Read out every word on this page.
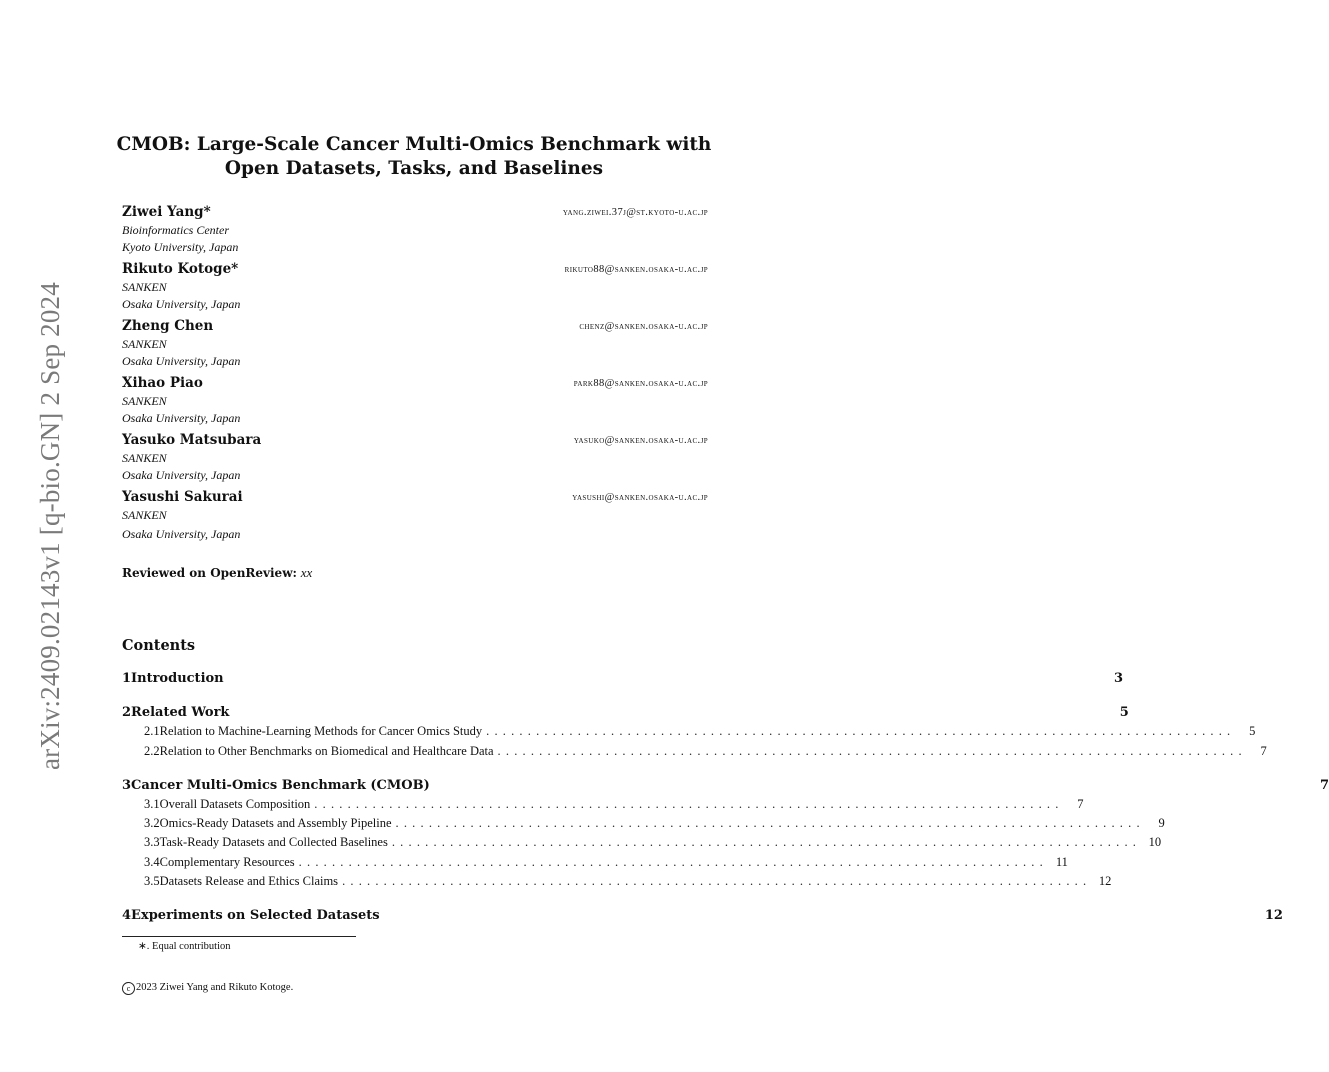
arXiv:2409.02143v1 [q-bio.GN] 2 Sep 2024
CMOB: Large-Scale Cancer Multi-Omics Benchmark with
Open Datasets, Tasks, and Baselines
Ziwei Yang*	yang.ziwei.37j@st.kyoto-u.ac.jp
Bioinformatics Center
Kyoto University, Japan
Rikuto Kotoge*	rikuto88@sanken.osaka-u.ac.jp
SANKEN
Osaka University, Japan
Zheng Chen	chenz@sanken.osaka-u.ac.jp
SANKEN
Osaka University, Japan
Xihao Piao	park88@sanken.osaka-u.ac.jp
SANKEN
Osaka University, Japan
Yasuko Matsubara	yasuko@sanken.osaka-u.ac.jp
SANKEN
Osaka University, Japan
Yasushi Sakurai	yasushi@sanken.osaka-u.ac.jp
SANKEN
Osaka University, Japan
Reviewed on OpenReview: xx
Contents
1 Introduction	3
2 Related Work	5
2.1 Relation to Machine-Learning Methods for Cancer Omics Study ..........................................................................................	5
2.2 Relation to Other Benchmarks on Biomedical and Healthcare Data ..........................................................................................	7
3 Cancer Multi-Omics Benchmark (CMOB)	7
3.1 Overall Datasets Composition ..........................................................................................	7
3.2 Omics-Ready Datasets and Assembly Pipeline ..........................................................................................	9
3.3 Task-Ready Datasets and Collected Baselines .......................................................................................... 10
3.4 Complementary Resources .......................................................................................... 11
3.5 Datasets Release and Ethics Claims .......................................................................................... 12
4 Experiments on Selected Datasets	12
∗. Equal contribution
c 2023 Ziwei Yang and Rikuto Kotoge.
